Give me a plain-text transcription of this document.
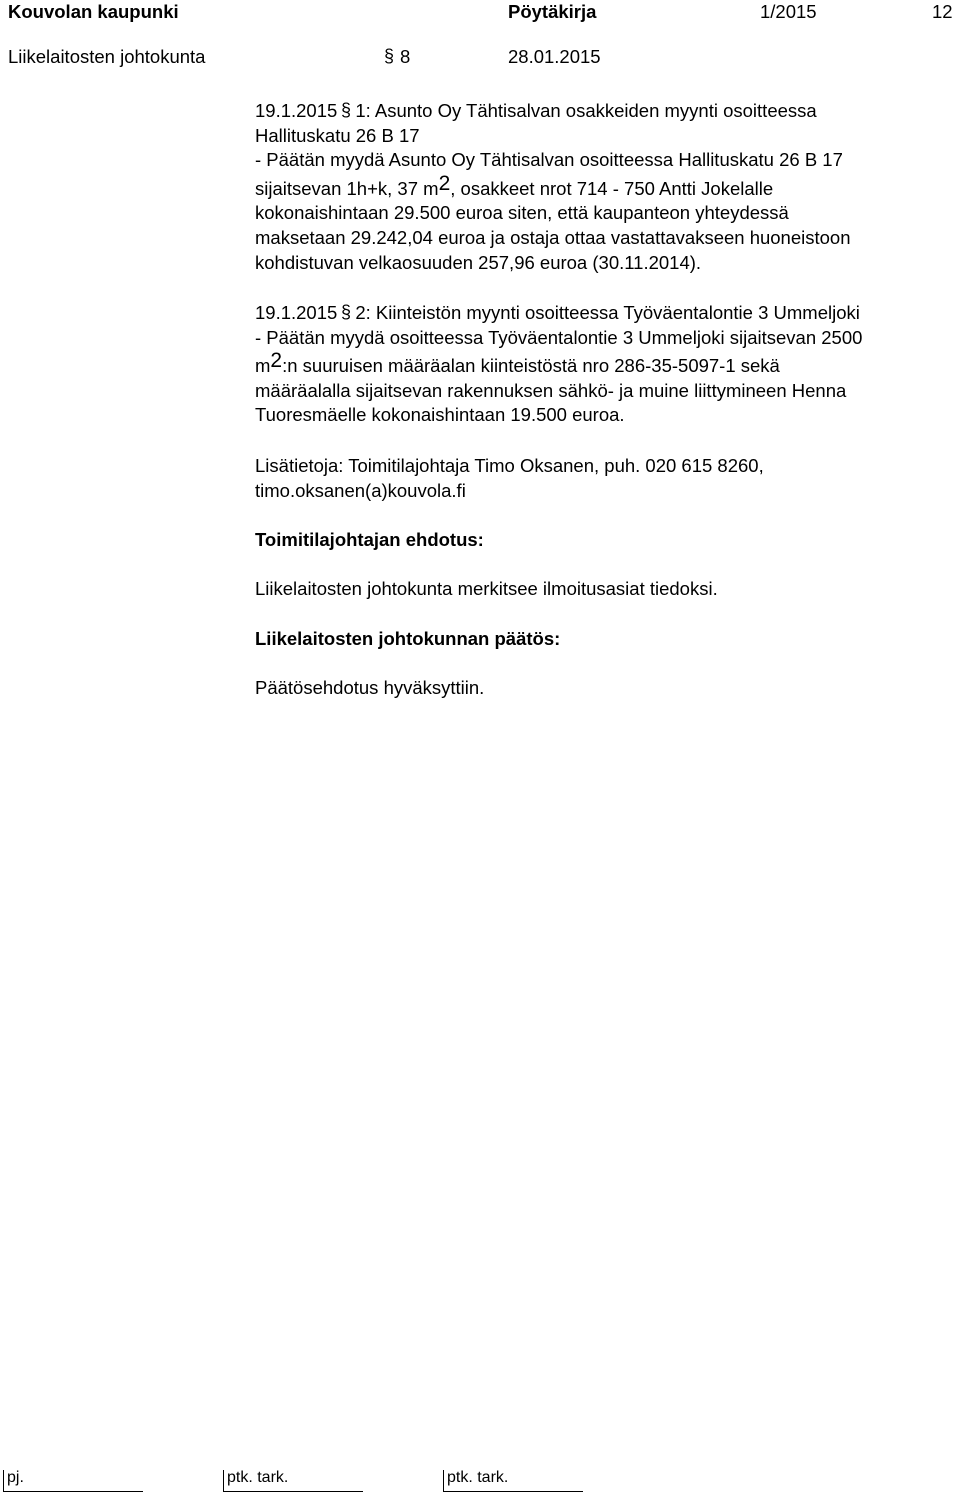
Kouvolan kaupunki	Pöytäkirja	1/2015	12
Liikelaitosten johtokunta	§ 8	28.01.2015
19.1.2015 § 1: Asunto Oy Tähtisalvan osakkeiden myynti osoitteessa
Hallituskatu 26 B 17
- Päätän myydä Asunto Oy Tähtisalvan osoitteessa Hallituskatu 26 B 17
sijaitsevan 1h+k, 37 m2, osakkeet nrot 714 - 750 Antti Jokelalle
kokonaishintaan 29.500 euroa siten, että kaupanteon yhteydessä
maksetaan 29.242,04 euroa ja ostaja ottaa vastattavakseen huoneistoon
kohdistuvan velkaosuuden 257,96 euroa (30.11.2014).
19.1.2015 § 2: Kiinteistön myynti osoitteessa Työväentalontie 3 Ummeljoki
- Päätän myydä osoitteessa Työväentalontie 3 Ummeljoki sijaitsevan 2500
m2:n suuruisen määräalan kiinteistöstä nro 286-35-5097-1 sekä
määräalalla sijaitsevan rakennuksen sähkö- ja muine liittymineen Henna
Tuoresmäelle kokonaishintaan 19.500 euroa.
Lisätietoja: Toimitilajohtaja Timo Oksanen, puh. 020 615 8260,
timo.oksanen(a)kouvola.fi
Toimitilajohtajan ehdotus:
Liikelaitosten johtokunta merkitsee ilmoitusasiat tiedoksi.
Liikelaitosten johtokunnan päätös:
Päätösehdotus hyväksyttiin.
pj.	ptk. tark.	ptk. tark.
